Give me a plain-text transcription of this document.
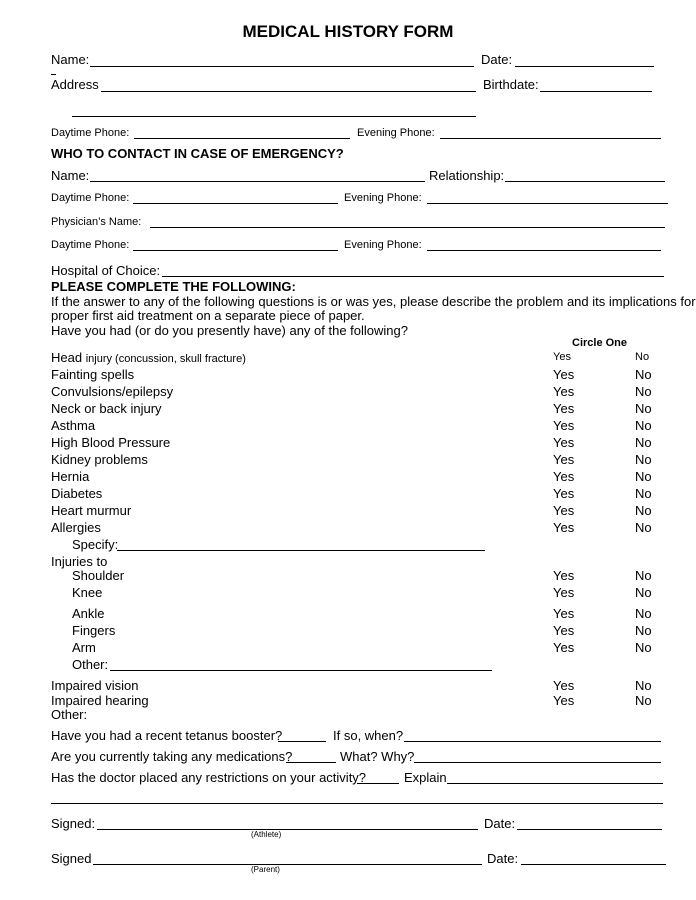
MEDICAL HISTORY FORM
Name:	Date:
Address	Birthdate:
Daytime Phone:	Evening Phone:
WHO TO CONTACT IN CASE OF EMERGENCY?
Name:	Relationship:
Daytime Phone:	Evening Phone:
Physician’s Name:
Daytime Phone:	Evening Phone:
Hospital of Choice:
PLEASE COMPLETE THE FOLLOWING:
If the answer to any of the following questions is or was yes, please describe the problem and its implications for
proper first aid treatment on a separate piece of paper.
Have you had (or do you presently have) any of the following?
Circle One
Head injury (concussion, skull fracture)	Yes	No
Fainting spells	Yes	No
Convulsions/epilepsy	Yes	No
Neck or back injury	Yes	No
Asthma	Yes	No
High Blood Pressure	Yes	No
Kidney problems	Yes	No
Hernia	Yes	No
Diabetes	Yes	No
Heart murmur	Yes	No
Allergies	Yes	No
Specify:
Injuries to
Shoulder	Yes	No
Knee	Yes	No
Ankle	Yes	No
Fingers	Yes	No
Arm	Yes	No
Other:
Impaired vision	Yes	No
Impaired hearing	Yes	No
Other:
Have you had a recent tetanus booster?	If so, when?
Are you currently taking any medications?	What? Why?
Has the doctor placed any restrictions on your activity?	Explain
Signed:	Date:
(Athlete)
Signed	Date:
(Parent)
